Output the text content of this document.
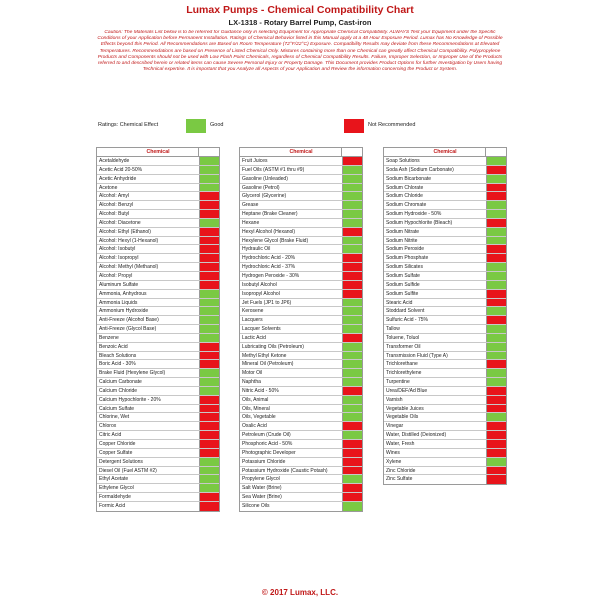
Lumax Pumps - Chemical Compatibility Chart
LX-1318 - Rotary Barrel Pump, Cast-iron
Caution: The Materials List below is to be referred for Guidance only in selecting Equipment for Appropriate Chemical Compatibility. ALWAYS Test your Equipment under the Specific Conditions of your Application before Permanent Installation. Ratings of Chemical Behavior listed in this Manual apply at a 48 Hour Exposure Period. Lumax has No Knowledge of Possible Effects beyond this Period. All Recommendations are Based on Room Temperature (72°F/22°C) Exposure. Compatibility Results may deviate from these Recommendations at Elevated Temperatures. Recommendations are based on Presence of Listed Chemical Only. Mixtures containing more than one Chemical can greatly affect Chemical Compatibility. Polypropylene Products and Components should not be used with Low Flash Point Chemicals, regardless of Chemical Compatibility Results. Failure, Improper Selection, or Improper Use of the Products referred to and described herein or related items can cause Severe Personal Injury or Property Damage. This Document provides Product Options for further Investigation by Users having Technical expertise. It is important that you Analyze all Aspects of your Application and Review the information concerning the Product or System.
Ratings: Chemical Effect	Good	Not Recommended
Chemical
Acetaldehyde
Acetic Acid 20-50%
Acetic Anhydride
Acetone
Alcohol: Amyl
Alcohol: Benzyl
Alcohol: Butyl
Alcohol: Diacetone
Alcohol: Ethyl (Ethanol)
Alcohol: Hexyl (1-Hexanol)
Alcohol: Isobutyl
Alcohol: Isopropyl
Alcohol: Methyl (Methanol)
Alcohol: Propyl
Aluminum Sulfate
Ammonia, Anhydrous
Ammonia Liquids
Ammonium Hydroxide
Anti-Freeze (Alcohol Base)
Anti-Freeze (Glycol Base)
Benzene
Benzoic Acid
Bleach Solutions
Boric Acid - 30%
Brake Fluid (Hexylene Glycol)
Calcium Carbonate
Calcium Chloride
Calcium Hypochlorite - 20%
Calcium Sulfate
Chlorine, Wet
Chlorox
Citric Acid
Copper Chloride
Copper Sulfate
Detergent Solutions
Diesel Oil (Fuel ASTM #2)
Ethyl Acetate
Ethylene Glycol
Formaldehyde
Formic Acid
Chemical
Fruit Juices
Fuel Oils (ASTM #1 thru #9)
Gasoline (Unleaded)
Gasoline (Petrol)
Glycerol (Glycerine)
Grease
Heptane (Brake Cleaner)
Hexane
Hexyl Alcohol (Hexanol)
Hexylene Glycol (Brake Fluid)
Hydraulic Oil
Hydrochloric Acid - 20%
Hydrochloric Acid - 37%
Hydrogen Peroxide - 30%
Isobutyl Alcohol
Isopropyl Alcohol
Jet Fuels (JP1 to JP6)
Kerosene
Lacquers
Lacquer Solvents
Lactic Acid
Lubricating Oils (Petroleum)
Methyl Ethyl Ketone
Mineral Oil (Petroleum)
Motor Oil
Naphtha
Nitric Acid - 50%
Oils, Animal
Oils, Mineral
Oils, Vegetable
Oxalic Acid
Petroleum (Crude Oil)
Phosphoric Acid - 50%
Photographic Developer
Potassium Chloride
Potassium Hydroxide (Caustic Potash)
Propylene Glycol
Salt Water (Brine)
Sea Water (Brine)
Silicone Oils
Chemical
Soap Solutions
Soda Ash (Sodium Carbonate)
Sodium Bicarbonate
Sodium Chlorate
Sodium Chloride
Sodium Chromate
Sodium Hydroxide - 50%
Sodium Hypochlorite (Bleach)
Sodium Nitrate
Sodium Nitrite
Sodium Peroxide
Sodium Phosphate
Sodium Silicates
Sodium Sulfate
Sodium Sulfide
Sodium Sulfite
Stearic Acid
Stoddard Solvent
Sulfuric Acid - 75%
Tallow
Toluene, Toluol
Transformer Oil
Transmission Fluid (Type A)
Trichlorethane
Trichlorethylene
Turpentine
Urea/DEF/Ad Blue
Varnish
Vegetable Juices
Vegetable Oils
Vinegar
Water, Distilled (Deionized)
Water, Fresh
Wines
Xylene
Zinc Chloride
Zinc Sulfate
© 2017 Lumax, LLC.
